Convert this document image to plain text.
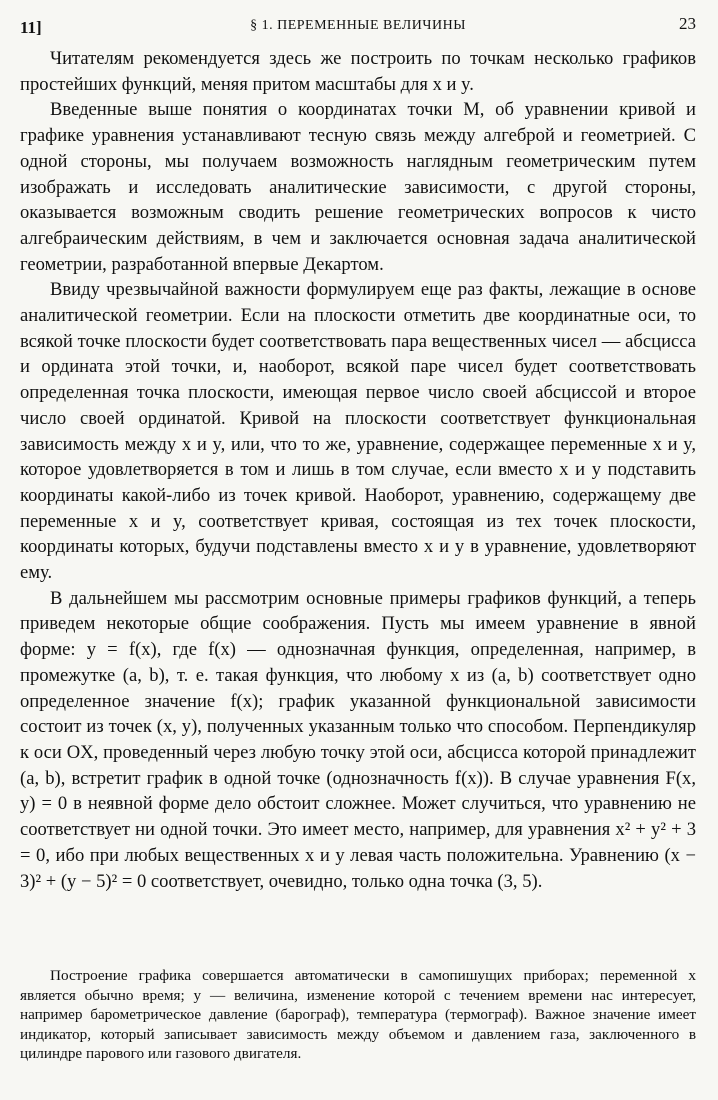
11]	§ 1. ПЕРЕМЕННЫЕ ВЕЛИЧИНЫ	23

Читателям рекомендуется здесь же построить по точкам несколько графиков простейших функций, меняя притом масштабы для x и y.

Введенные выше понятия о координатах точки M, об уравнении кривой и графике уравнения устанавливают тесную связь между алгеброй и геометрией. С одной стороны, мы получаем возможность наглядным геометрическим путем изображать и исследовать аналитические зависимости, с другой стороны, оказывается возможным сводить решение геометрических вопросов к чисто алгебраическим действиям, в чем и заключается основная задача аналитической геометрии, разработанной впервые Декартом.

Ввиду чрезвычайной важности формулируем еще раз факты, лежащие в основе аналитической геометрии. Если на плоскости отметить две координатные оси, то всякой точке плоскости будет соответствовать пара вещественных чисел — абсцисса и ордината этой точки, и, наоборот, всякой паре чисел будет соответствовать определенная точка плоскости, имеющая первое число своей абсциссой и второе число своей ординатой. Кривой на плоскости соответствует функциональная зависимость между x и y, или, что то же, уравнение, содержащее переменные x и y, которое удовлетворяется в том и лишь в том случае, если вместо x и y подставить координаты какой-либо из точек кривой. Наоборот, уравнению, содержащему две переменные x и y, соответствует кривая, состоящая из тех точек плоскости, координаты которых, будучи подставлены вместо x и y в уравнение, удовлетворяют ему.

В дальнейшем мы рассмотрим основные примеры графиков функций, а теперь приведем некоторые общие соображения. Пусть мы имеем уравнение в явной форме: y = f(x), где f(x) — однозначная функция, определенная, например, в промежутке (a, b), т. е. такая функция, что любому x из (a, b) соответствует одно определенное значение f(x); график указанной функциональной зависимости состоит из точек (x, y), полученных указанным только что способом. Перпендикуляр к оси OX, проведенный через любую точку этой оси, абсцисса которой принадлежит (a, b), встретит график в одной точке (однозначность f(x)). В случае уравнения F(x, y) = 0 в неявной форме дело обстоит сложнее. Может случиться, что уравнению не соответствует ни одной точки. Это имеет место, например, для уравнения x² + y² + 3 = 0, ибо при любых вещественных x и y левая часть положительна. Уравнению (x − 3)² + (y − 5)² = 0 соответствует, очевидно, только одна точка (3, 5).

Построение графика совершается автоматически в самопишущих приборах; переменной x является обычно время; y — величина, изменение которой с течением времени нас интересует, например барометрическое давление (барограф), температура (термограф). Важное значение имеет индикатор, который записывает зависимость между объемом и давлением газа, заключенного в цилиндре парового или газового двигателя.
